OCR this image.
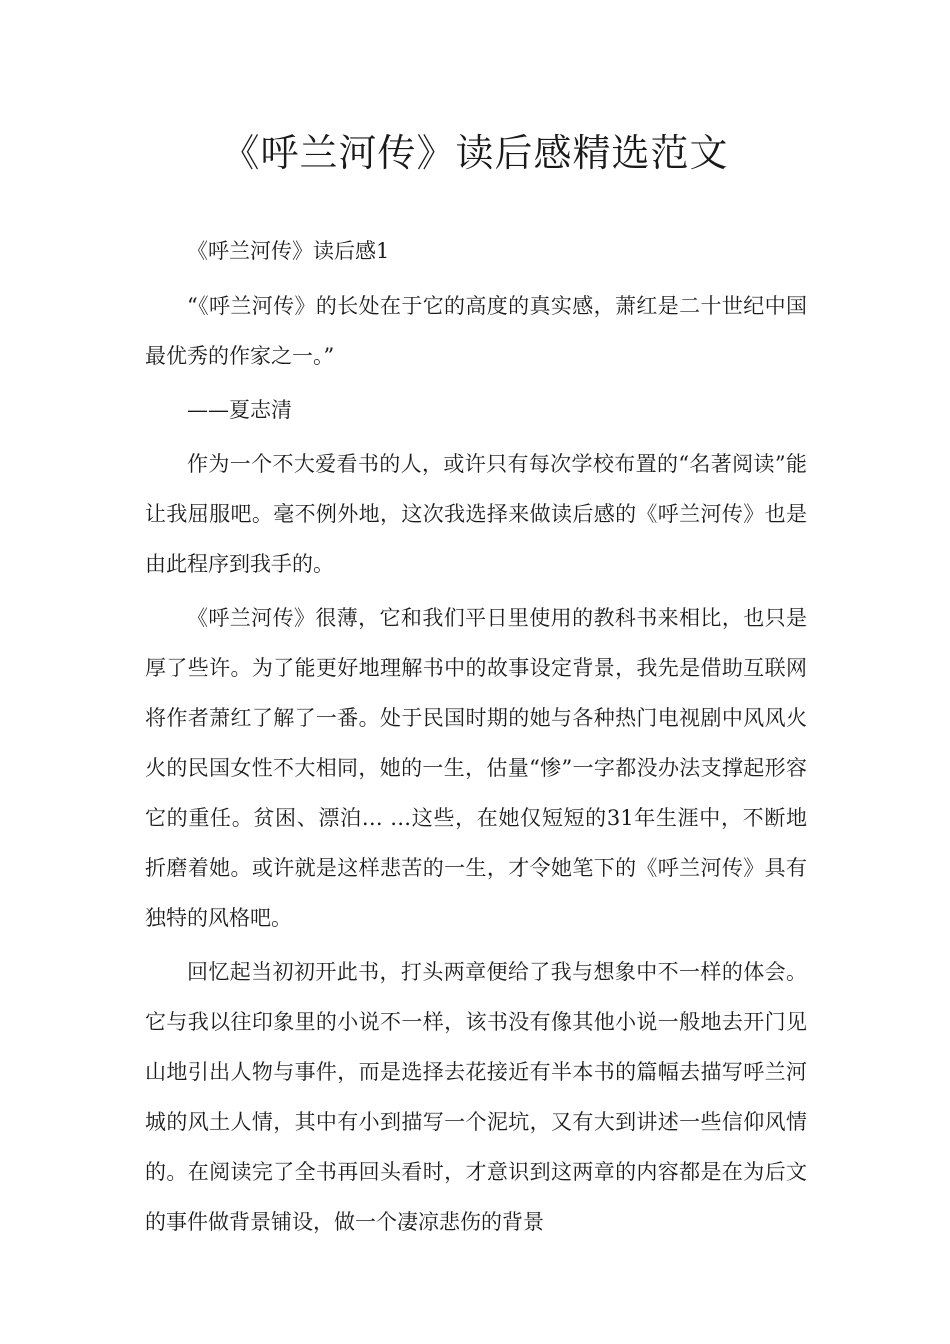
《呼兰河传》读后感精选范文

《呼兰河传》读后感1

“《呼兰河传》的长处在于它的高度的真实感，萧红是二十世纪中国最优秀的作家之一。”

——夏志清

作为一个不大爱看书的人，或许只有每次学校布置的“名著阅读”能让我屈服吧。毫不例外地，这次我选择来做读后感的《呼兰河传》也是由此程序到我手的。

《呼兰河传》很薄，它和我们平日里使用的教科书来相比，也只是厚了些许。为了能更好地理解书中的故事设定背景，我先是借助互联网将作者萧红了解了一番。处于民国时期的她与各种热门电视剧中风风火火的民国女性不大相同，她的一生，估量“惨”一字都没办法支撑起形容它的重任。贫困、漂泊… …这些，在她仅短短的31年生涯中，不断地折磨着她。或许就是这样悲苦的一生，才令她笔下的《呼兰河传》具有独特的风格吧。

回忆起当初初开此书，打头两章便给了我与想象中不一样的体会。它与我以往印象里的小说不一样，该书没有像其他小说一般地去开门见山地引出人物与事件，而是选择去花接近有半本书的篇幅去描写呼兰河城的风土人情，其中有小到描写一个泥坑，又有大到讲述一些信仰风情的。在阅读完了全书再回头看时，才意识到这两章的内容都是在为后文的事件做背景铺设，做一个凄凉悲伤的背景
